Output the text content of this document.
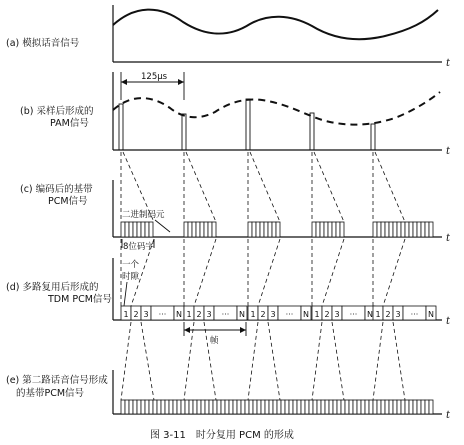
(a) 模拟话音信号
t
(b) 采样后形成的
PAM信号
t
125μs
(c) 编码后的基带
PCM信号
t
二进制码元
8位码字
(d) 多路复用后形成的
TDM PCM信号
t
一个
时隙
1 2 3 ··· N 1 2 3 ··· N 1 2 3 ··· N 1 2 3 ··· N 1 2 3 ··· N
帧
(e) 第二路话音信号形成
的基带PCM信号
t
图 3-11　时分复用 PCM 的形成
